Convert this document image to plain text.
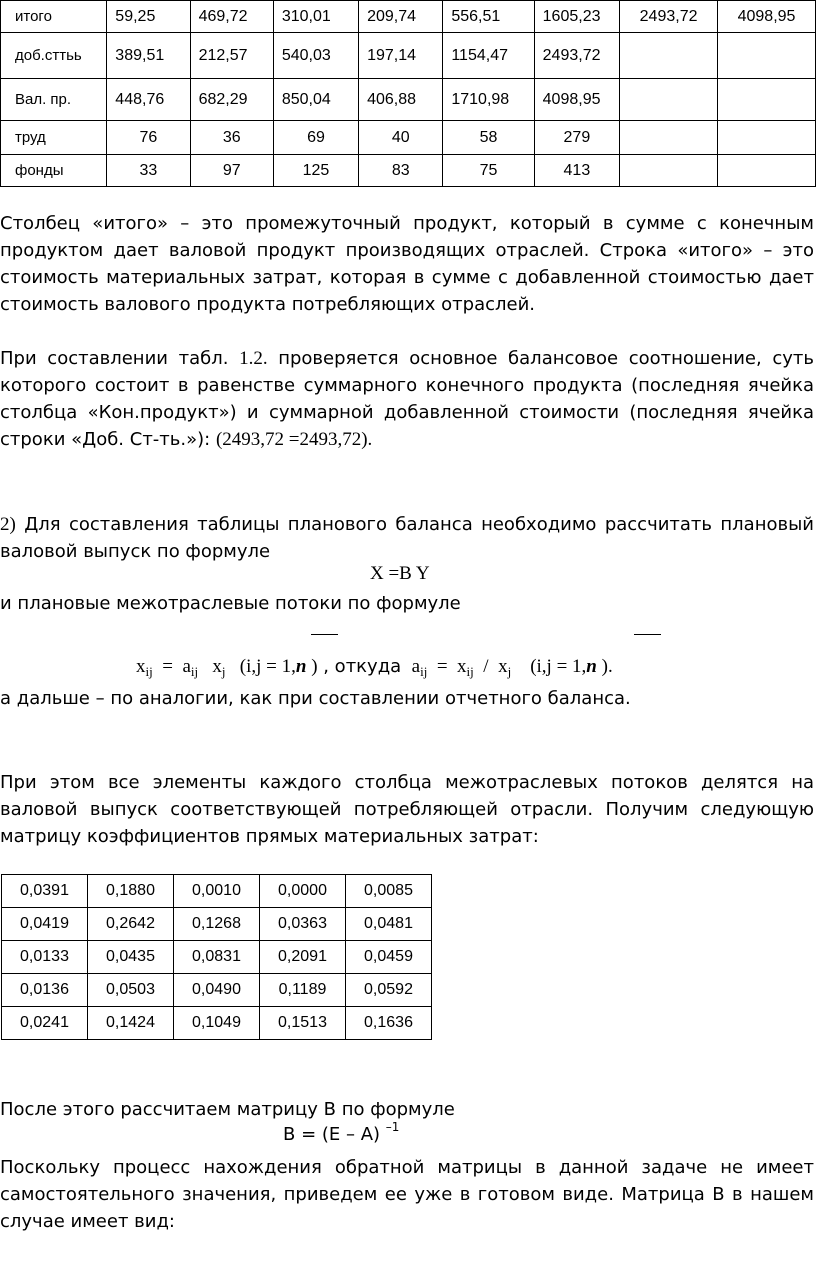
итого	59,25	469,72	310,01	209,74	556,51	1605,23	2493,72	4098,95
доб.сттьь	389,51	212,57	540,03	197,14	1154,47	2493,72		
Вал. пр.	448,76	682,29	850,04	406,88	1710,98	4098,95		
труд	76	36	69	40	58	279		
фонды	33	97	125	83	75	413		
Столбец «итого» – это промежуточный продукт, который в сумме с конечным продуктом дает валовой продукт производящих отраслей. Строка «итого» – это стоимость материальных затрат, которая в сумме с добавленной стоимостью дает стоимость валового продукта потребляющих отраслей.
При составлении табл. 1.2. проверяется основное балансовое соотношение, суть которого состоит в равенстве суммарного конечного продукта (последняя ячейка столбца «Кон.продукт») и суммарной добавленной стоимости (последняя ячейка строки «Доб. Ст-ть.»): (2493,72 =2493,72).
2) Для составления таблицы планового баланса необходимо рассчитать плановый валовой выпуск по формуле
X =B Y
и плановые межотраслевые потоки по формуле
$x_{ij} = a_{ij}$ $x_j$ (i,j = 1,n ) , откуда  $a_{ij} = x_{ij} / x_j$ (i,j = 1,n ).
а дальше – по аналогии, как при составлении отчетного баланса.
При этом все элементы каждого столбца межотраслевых потоков делятся на валовой выпуск соответствующей потребляющей отрасли. Получим следующую матрицу коэффициентов прямых материальных затрат:
0,0391	0,1880	0,0010	0,0000	0,0085
0,0419	0,2642	0,1268	0,0363	0,0481
0,0133	0,0435	0,0831	0,2091	0,0459
0,0136	0,0503	0,0490	0,1189	0,0592
0,0241	0,1424	0,1049	0,1513	0,1636
После этого рассчитаем матрицу В по формуле
В = (Е – А) $^{-1}$
Поскольку процесс нахождения обратной матрицы в данной задаче не имеет самостоятельного значения, приведем ее уже в готовом виде. Матрица В в нашем случае имеет вид:
